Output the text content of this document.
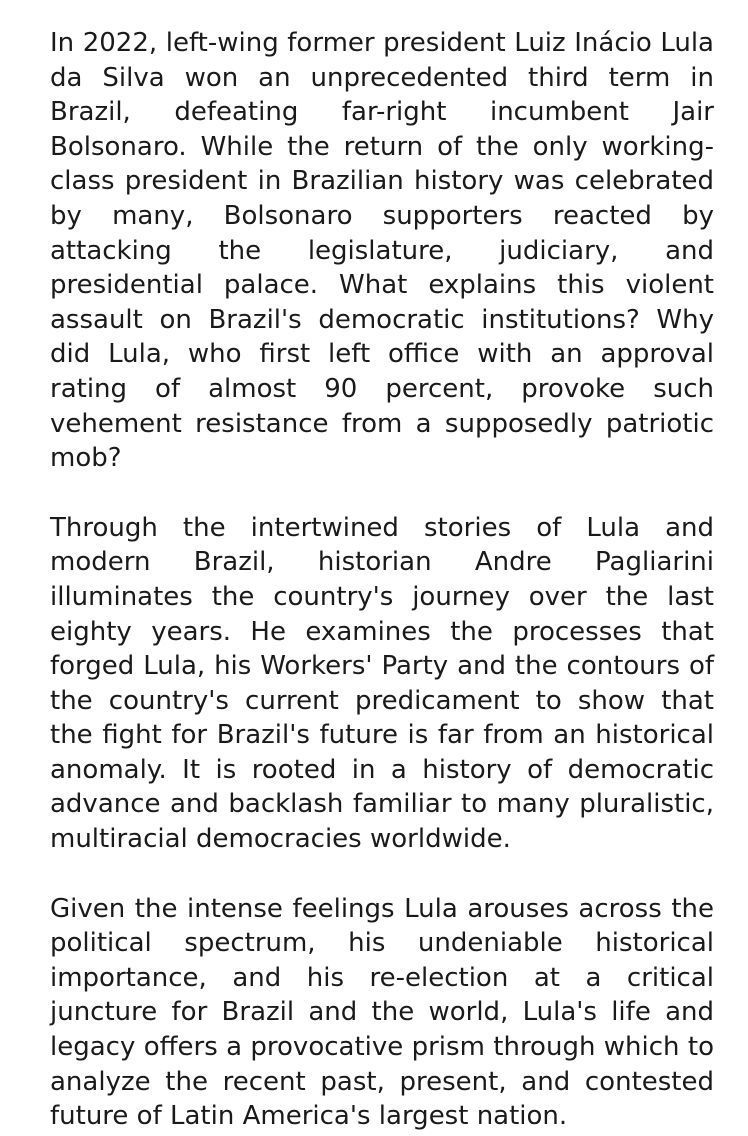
In 2022, left-wing former president Luiz Inácio Lula da Silva won an unprecedented third term in Brazil, defeating far-right incumbent Jair Bolsonaro. While the return of the only working-class president in Brazilian history was celebrated by many, Bolsonaro supporters reacted by attacking the legislature, judiciary, and presidential palace. What explains this violent assault on Brazil's democratic institutions? Why did Lula, who first left office with an approval rating of almost 90 percent, provoke such vehement resistance from a supposedly patriotic mob?

Through the intertwined stories of Lula and modern Brazil, historian Andre Pagliarini illuminates the country's journey over the last eighty years. He examines the processes that forged Lula, his Workers' Party and the contours of the country's current predicament to show that the fight for Brazil's future is far from an historical anomaly. It is rooted in a history of democratic advance and backlash familiar to many pluralistic, multiracial democracies worldwide.

Given the intense feelings Lula arouses across the political spectrum, his undeniable historical importance, and his re-election at a critical juncture for Brazil and the world, Lula's life and legacy offers a provocative prism through which to analyze the recent past, present, and contested future of Latin America's largest nation.
